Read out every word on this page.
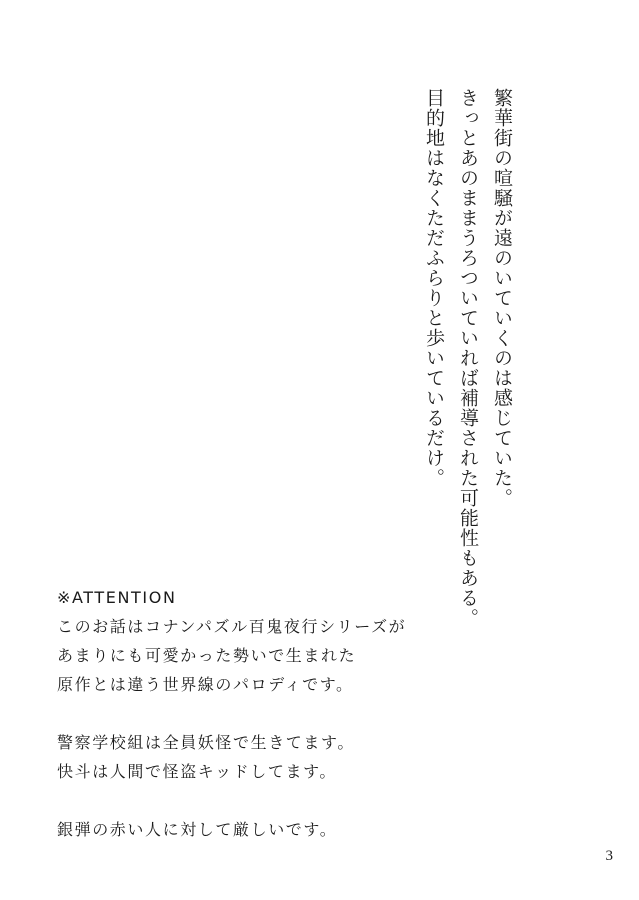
繁華街の喧騒が遠のいていくのは感じていた。

きっとあのままうろついていれば補導された可能性もある。

目的地はなくただふらりと歩いているだけ。

※ATTENTION

このお話はコナンパズル百鬼夜行シリーズが

あまりにも可愛かった勢いで生まれた

原作とは違う世界線のパロディです。

警察学校組は全員妖怪で生きてます。

快斗は人間で怪盗キッドしてます。

銀弾の赤い人に対して厳しいです。

3
